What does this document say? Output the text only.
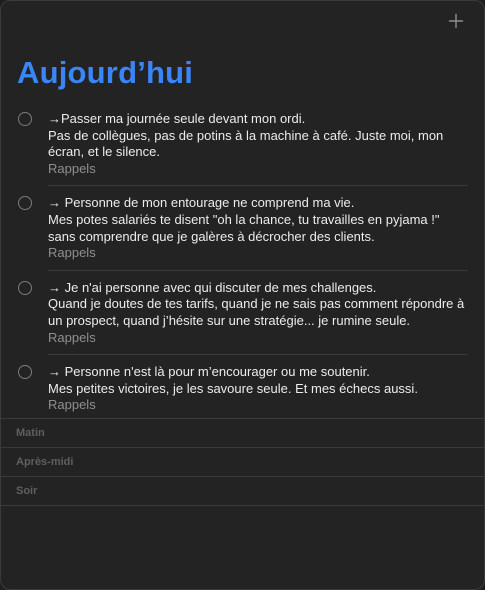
Aujourd’hui
→Passer ma journée seule devant mon ordi.
Pas de collègues, pas de potins à la machine à café. Juste moi, mon
écran, et le silence.
Rappels
→ Personne de mon entourage ne comprend ma vie.
Mes potes salariés te disent "oh la chance, tu travailles en pyjama !"
sans comprendre que je galères à décrocher des clients.
Rappels
→ Je n'ai personne avec qui discuter de mes challenges.
Quand je doutes de tes tarifs, quand je ne sais pas comment répondre à
un prospect, quand j’hésite sur une stratégie... je rumine seule.
Rappels
→ Personne n'est là pour m’encourager ou me soutenir.
Mes petites victoires, je les savoure seule. Et mes échecs aussi.
Rappels
Matin
Après-midi
Soir
